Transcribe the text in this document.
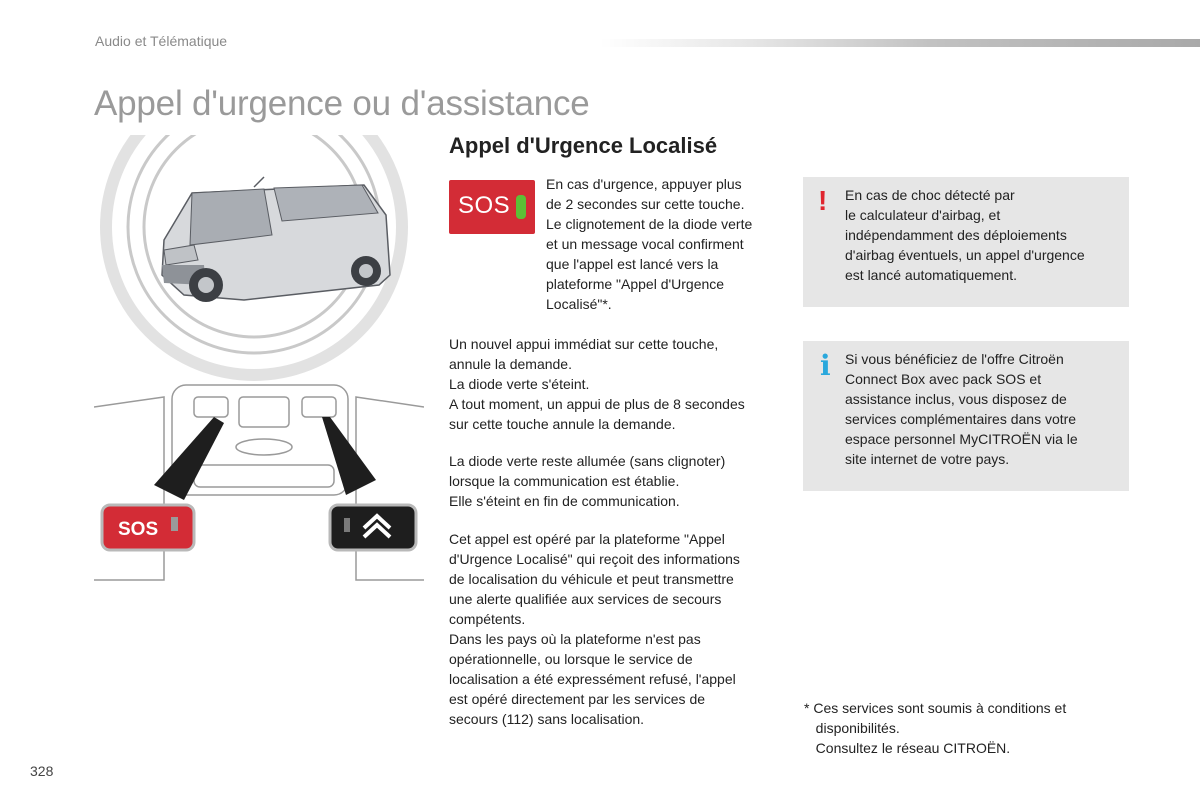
Audio et Télématique
Appel d'urgence ou d'assistance
Appel d'Urgence Localisé
SOS
SOS

En cas d'urgence, appuyer plus

de 2 secondes sur cette touche.

Le clignotement de la diode verte

et un message vocal confirment

que l'appel est lancé vers la

plateforme "Appel d'Urgence

Localisé"*.

Un nouvel appui immédiat sur cette touche,

annule la demande.

La diode verte s'éteint.

A tout moment, un appui de plus de 8 secondes

sur cette touche annule la demande.

La diode verte reste allumée (sans clignoter)

lorsque la communication est établie.

Elle s'éteint en fin de communication.

Cet appel est opéré par la plateforme "Appel

d'Urgence Localisé" qui reçoit des informations

de localisation du véhicule et peut transmettre

une alerte qualifiée aux services de secours

compétents.

Dans les pays où la plateforme n'est pas

opérationnelle, ou lorsque le service de

localisation a été expressément refusé, l'appel

est opéré directement par les services de

secours (112) sans localisation.

! En cas de choc détecté par

le calculateur d'airbag, et

indépendamment des déploiements

d'airbag éventuels, un appel d'urgence

est lancé automatiquement.

i Si vous bénéficiez de l'offre Citroën

Connect Box avec pack SOS et

assistance inclus, vous disposez de

services complémentaires dans votre

espace personnel MyCITROËN via le

site internet de votre pays.

* Ces services sont soumis à conditions et

disponibilités.

Consultez le réseau CITROËN.

328
